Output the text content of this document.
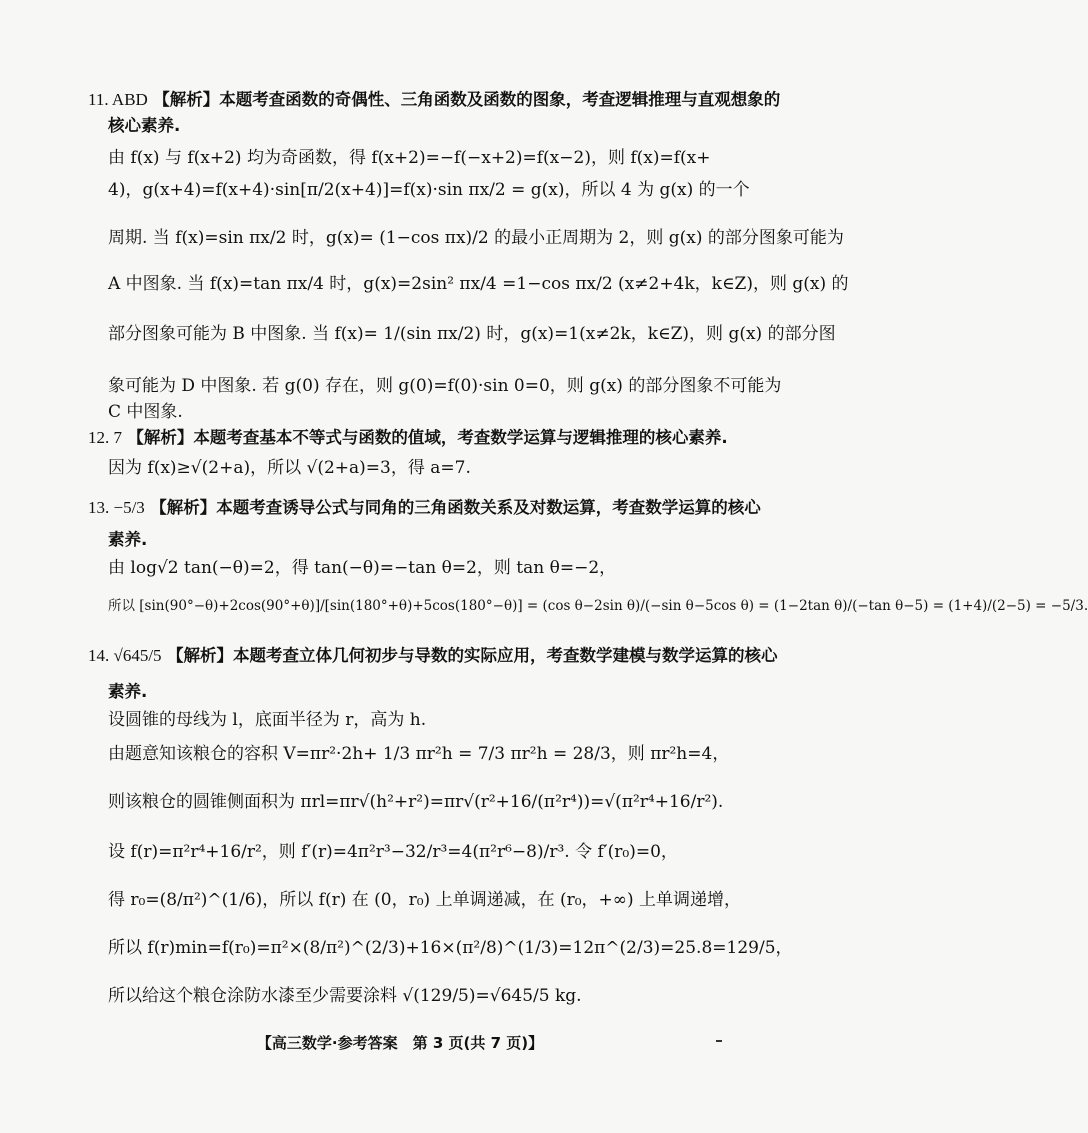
11. ABD 【解析】本题考查函数的奇偶性、三角函数及函数的图象，考查逻辑推理与直观想象的
核心素养.
由 f(x) 与 f(x+2) 均为奇函数，得 f(x+2)=−f(−x+2)=f(x−2)，则 f(x)=f(x+
4)，g(x+4)=f(x+4)·sin[π/2(x+4)]=f(x)·sin πx/2 = g(x)，所以 4 为 g(x) 的一个
周期. 当 f(x)=sin πx/2 时，g(x)= (1−cos πx)/2 的最小正周期为 2，则 g(x) 的部分图象可能为
A 中图象. 当 f(x)=tan πx/4 时，g(x)=2sin² πx/4 =1−cos πx/2 (x≠2+4k，k∈Z)，则 g(x) 的
部分图象可能为 B 中图象. 当 f(x)= 1/(sin πx/2) 时，g(x)=1(x≠2k，k∈Z)，则 g(x) 的部分图
象可能为 D 中图象. 若 g(0) 存在，则 g(0)=f(0)·sin 0=0，则 g(x) 的部分图象不可能为
C 中图象.
12. 7 【解析】本题考查基本不等式与函数的值域，考查数学运算与逻辑推理的核心素养.
因为 f(x)≥√(2+a)，所以 √(2+a)=3，得 a=7.
13. −5/3 【解析】本题考查诱导公式与同角的三角函数关系及对数运算，考查数学运算的核心
素养.
由 log√2 tan(−θ)=2，得 tan(−θ)=−tan θ=2，则 tan θ=−2，
所以 [sin(90°−θ)+2cos(90°+θ)]/[sin(180°+θ)+5cos(180°−θ)] = (cos θ−2sin θ)/(−sin θ−5cos θ) = (1−2tan θ)/(−tan θ−5) = (1+4)/(2−5) = −5/3.
14. √645/5 【解析】本题考查立体几何初步与导数的实际应用，考查数学建模与数学运算的核心
素养.
设圆锥的母线为 l，底面半径为 r，高为 h.
由题意知该粮仓的容积 V=πr²·2h+ 1/3 πr²h = 7/3 πr²h = 28/3，则 πr²h=4，
则该粮仓的圆锥侧面积为 πrl=πr√(h²+r²)=πr√(r²+16/(π²r⁴))=√(π²r⁴+16/r²).
设 f(r)=π²r⁴+16/r²，则 f′(r)=4π²r³−32/r³=4(π²r⁶−8)/r³. 令 f′(r₀)=0，
得 r₀=(8/π²)^(1/6)，所以 f(r) 在 (0，r₀) 上单调递减，在 (r₀，+∞) 上单调递增，
所以 f(r)min=f(r₀)=π²×(8/π²)^(2/3)+16×(π²/8)^(1/3)=12π^(2/3)=25.8=129/5，
所以给这个粮仓涂防水漆至少需要涂料 √(129/5)=√645/5 kg.
【高三数学·参考答案　第 3 页(共 7 页)】
